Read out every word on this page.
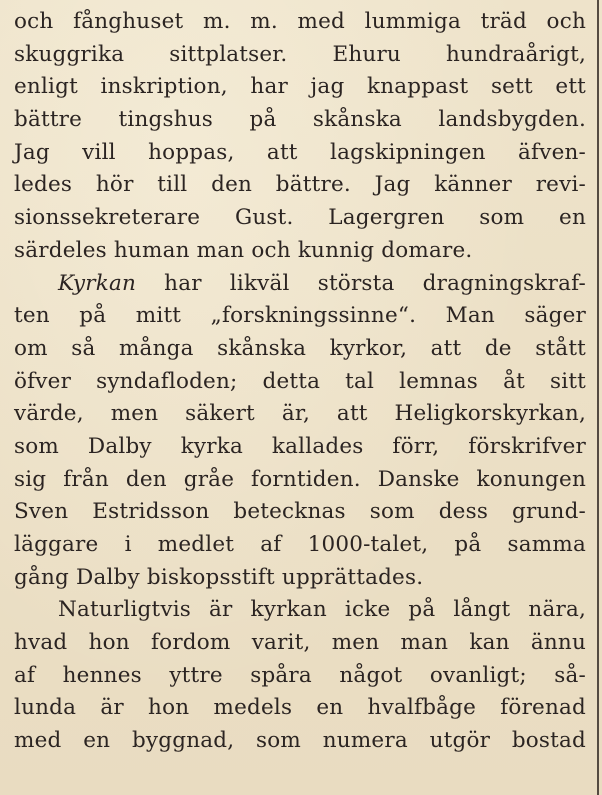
och fånghuset m. m. med lummiga träd och
skuggrika sittplatser. Ehuru hundraårigt,
enligt inskription, har jag knappast sett ett
bättre tingshus på skånska landsbygden.
Jag vill hoppas, att lagskipningen äfven-
ledes hör till den bättre. Jag känner revi-
sionssekreterare Gust. Lagergren som en
särdeles human man och kunnig domare.
Kyrkan har likväl största dragningskraf-
ten på mitt „forskningssinne“. Man säger
om så många skånska kyrkor, att de stått
öfver syndafloden; detta tal lemnas åt sitt
värde, men säkert är, att Heligkorskyrkan,
som Dalby kyrka kallades förr, förskrifver
sig från den gråe forntiden. Danske konungen
Sven Estridsson betecknas som dess grund-
läggare i medlet af 1000-talet, på samma
gång Dalby biskopsstift upprättades.
Naturligtvis är kyrkan icke på långt nära,
hvad hon fordom varit, men man kan ännu
af hennes yttre spåra något ovanligt; så-
lunda är hon medels en hvalfbåge förenad
med en byggnad, som numera utgör bostad
